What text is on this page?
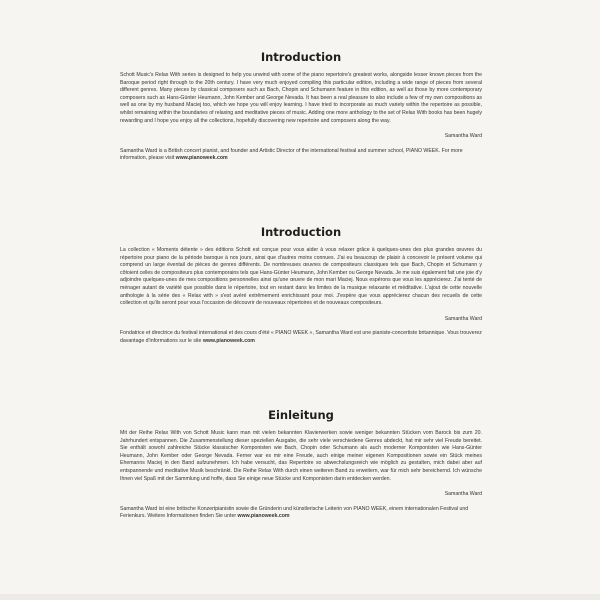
Introduction

Schott Music's Relax With series is designed to help you unwind with some of the piano repertoire's greatest works, alongside lesser known pieces from the Baroque period right through to the 20th century. I have very much enjoyed compiling this particular edition, including a wide range of pieces from several different genres. Many pieces by classical composers such as Bach, Chopin and Schumann feature in this edition, as well as those by more contemporary composers such as Hans-Günter Heumann, John Kember and George Nevada. It has been a real pleasure to also include a few of my own compositions as well as one by my husband Maciej too, which we hope you will enjoy learning. I have tried to incorporate as much variety within the repertoire as possible, whilst remaining within the boundaries of relaxing and meditative pieces of music. Adding one more anthology to the set of Relax With books has been hugely rewarding and I hope you enjoy all the collections, hopefully discovering new repertoire and composers along the way.

Samantha Ward

Samantha Ward is a British concert pianist, and founder and Artistic Director of the international festival and summer school, PIANO WEEK. For more information, please visit www.pianoweek.com

Introduction

La collection « Moments détente » des éditions Schott est conçue pour vous aider à vous relaxer grâce à quelques-unes des plus grandes œuvres du répertoire pour piano de la période baroque à nos jours, ainsi que d'autres moins connues. J'ai eu beaucoup de plaisir à concevoir le présent volume qui comprend un large éventail de pièces de genres différents. De nombreuses œuvres de compositeurs classiques tels que Bach, Chopin et Schumann y côtoient celles de compositeurs plus contemporains tels que Hans-Günter Heumann, John Kember ou George Nevada. Je me suis également fait une joie d'y adjoindre quelques-unes de mes compositions personnelles ainsi qu'une œuvre de mon mari Maciej. Nous espérons que vous les apprécierez. J'ai tenté de ménager autant de variété que possible dans le répertoire, tout en restant dans les limites de la musique relaxante et méditative. L'ajout de cette nouvelle anthologie à la série des « Relax with » s'est avéré extrêmement enrichissant pour moi. J'espère que vous apprécierez chacun des recueils de cette collection et qu'ils seront pour vous l'occasion de découvrir de nouveaux répertoires et de nouveaux compositeurs.

Samantha Ward

Fondatrice et directrice du festival international et des cours d'été « PIANO WEEK », Samantha Ward est une pianiste-concertiste britannique. Vous trouverez davantage d'informations sur le site www.pianoweek.com

Einleitung

Mit der Reihe Relax With von Schott Music kann man mit vielen bekannten Klavierwerken sowie weniger bekannten Stücken vom Barock bis zum 20. Jahrhundert entspannen. Die Zusammenstellung dieser speziellen Ausgabe, die sehr viele verschiedene Genres abdeckt, hat mir sehr viel Freude bereitet. Sie enthält sowohl zahlreiche Stücke klassischer Komponisten wie Bach, Chopin oder Schumann als auch moderner Komponisten wie Hans-Günter Heumann, John Kember oder George Nevada. Ferner war es mir eine Freude, auch einige meiner eigenen Kompositionen sowie ein Stück meines Ehemanns Maciej in den Band aufzunehmen. Ich habe versucht, das Repertoire so abwechslungsreich wie möglich zu gestalten, mich dabei aber auf entspannende und meditative Musik beschränkt. Die Reihe Relax With durch einen weiteren Band zu erweitern, war für mich sehr bereichernd. Ich wünsche Ihnen viel Spaß mit der Sammlung und hoffe, dass Sie einige neue Stücke und Komponisten darin entdecken werden.

Samantha Ward

Samantha Ward ist eine britische Konzertpianistin sowie die Gründerin und künstlerische Leiterin von PIANO WEEK, einem internationalen Festival und Ferienkurs. Weitere Informationen finden Sie unter www.pianoweek.com
